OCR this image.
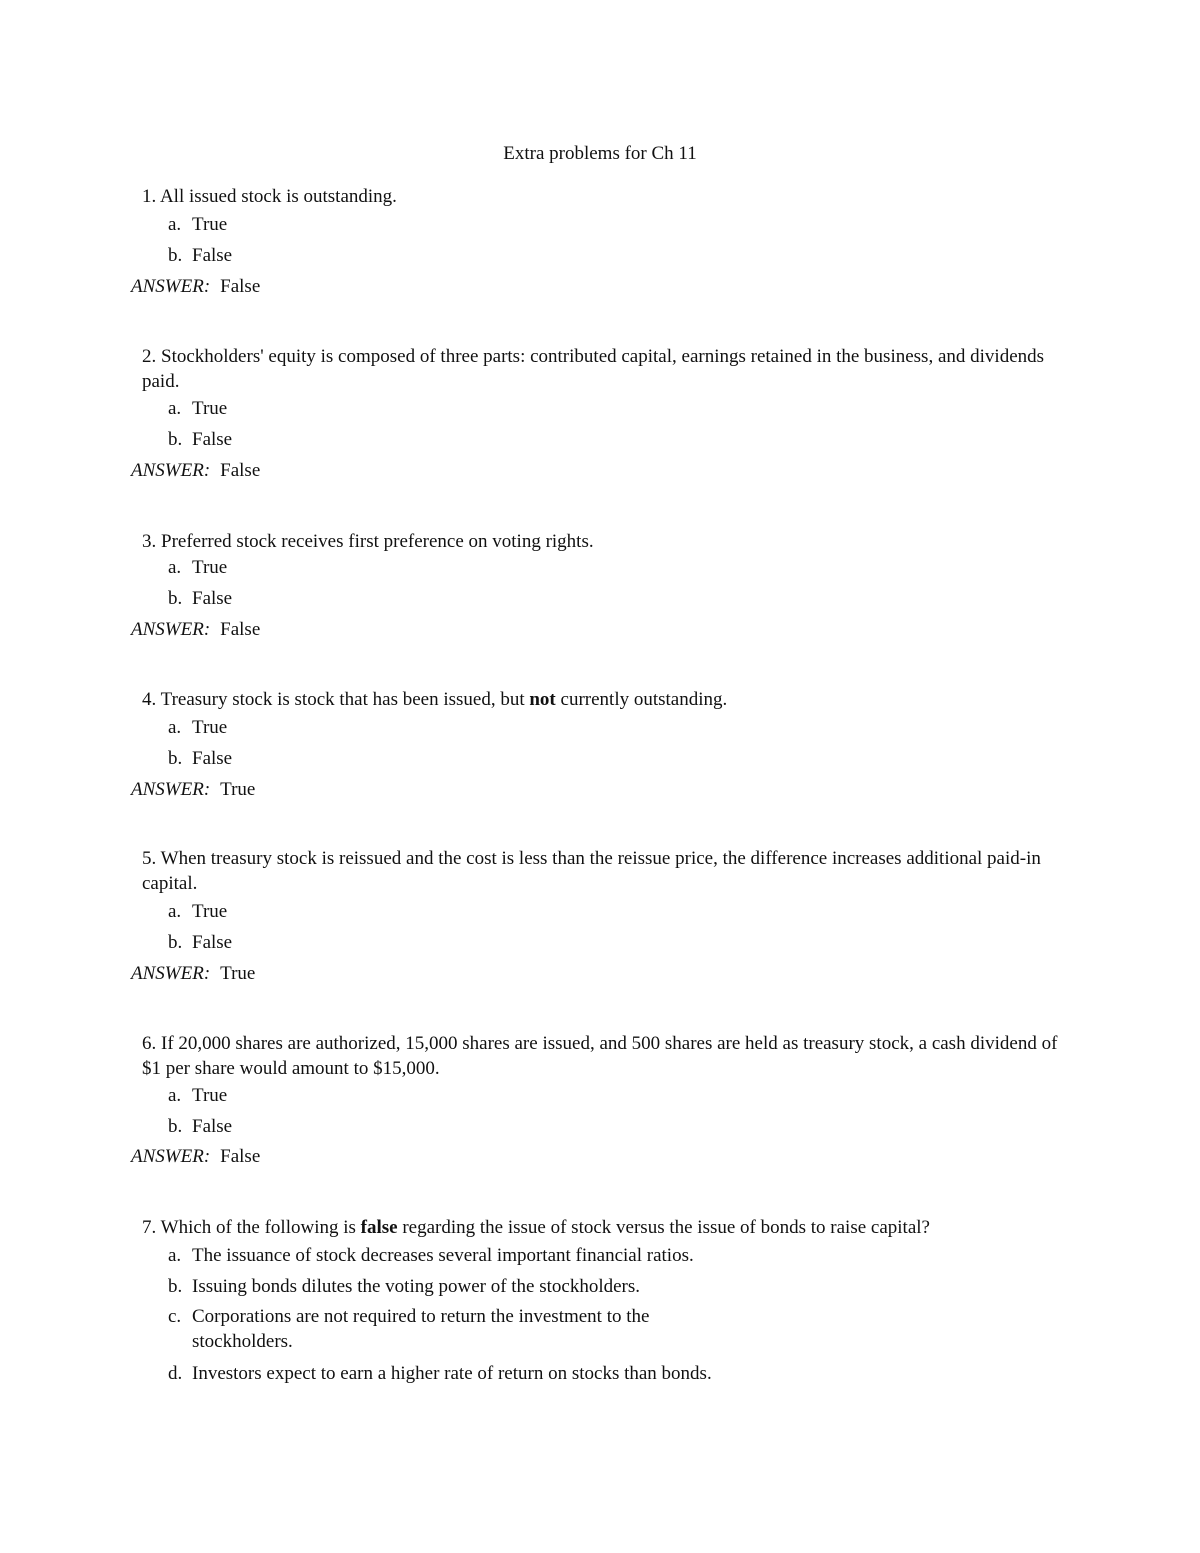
Extra problems for Ch 11
1. All issued stock is outstanding.
a. True
b. False
ANSWER: False
2. Stockholders' equity is composed of three parts: contributed capital, earnings retained in the business, and dividends paid.
a. True
b. False
ANSWER: False
3. Preferred stock receives first preference on voting rights.
a. True
b. False
ANSWER: False
4. Treasury stock is stock that has been issued, but not currently outstanding.
a. True
b. False
ANSWER: True
5. When treasury stock is reissued and the cost is less than the reissue price, the difference increases additional paid-in capital.
a. True
b. False
ANSWER: True
6. If 20,000 shares are authorized, 15,000 shares are issued, and 500 shares are held as treasury stock, a cash dividend of $1 per share would amount to $15,000.
a. True
b. False
ANSWER: False
7. Which of the following is false regarding the issue of stock versus the issue of bonds to raise capital?
a. The issuance of stock decreases several important financial ratios.
b. Issuing bonds dilutes the voting power of the stockholders.
c. Corporations are not required to return the investment to the stockholders.
d. Investors expect to earn a higher rate of return on stocks than bonds.
